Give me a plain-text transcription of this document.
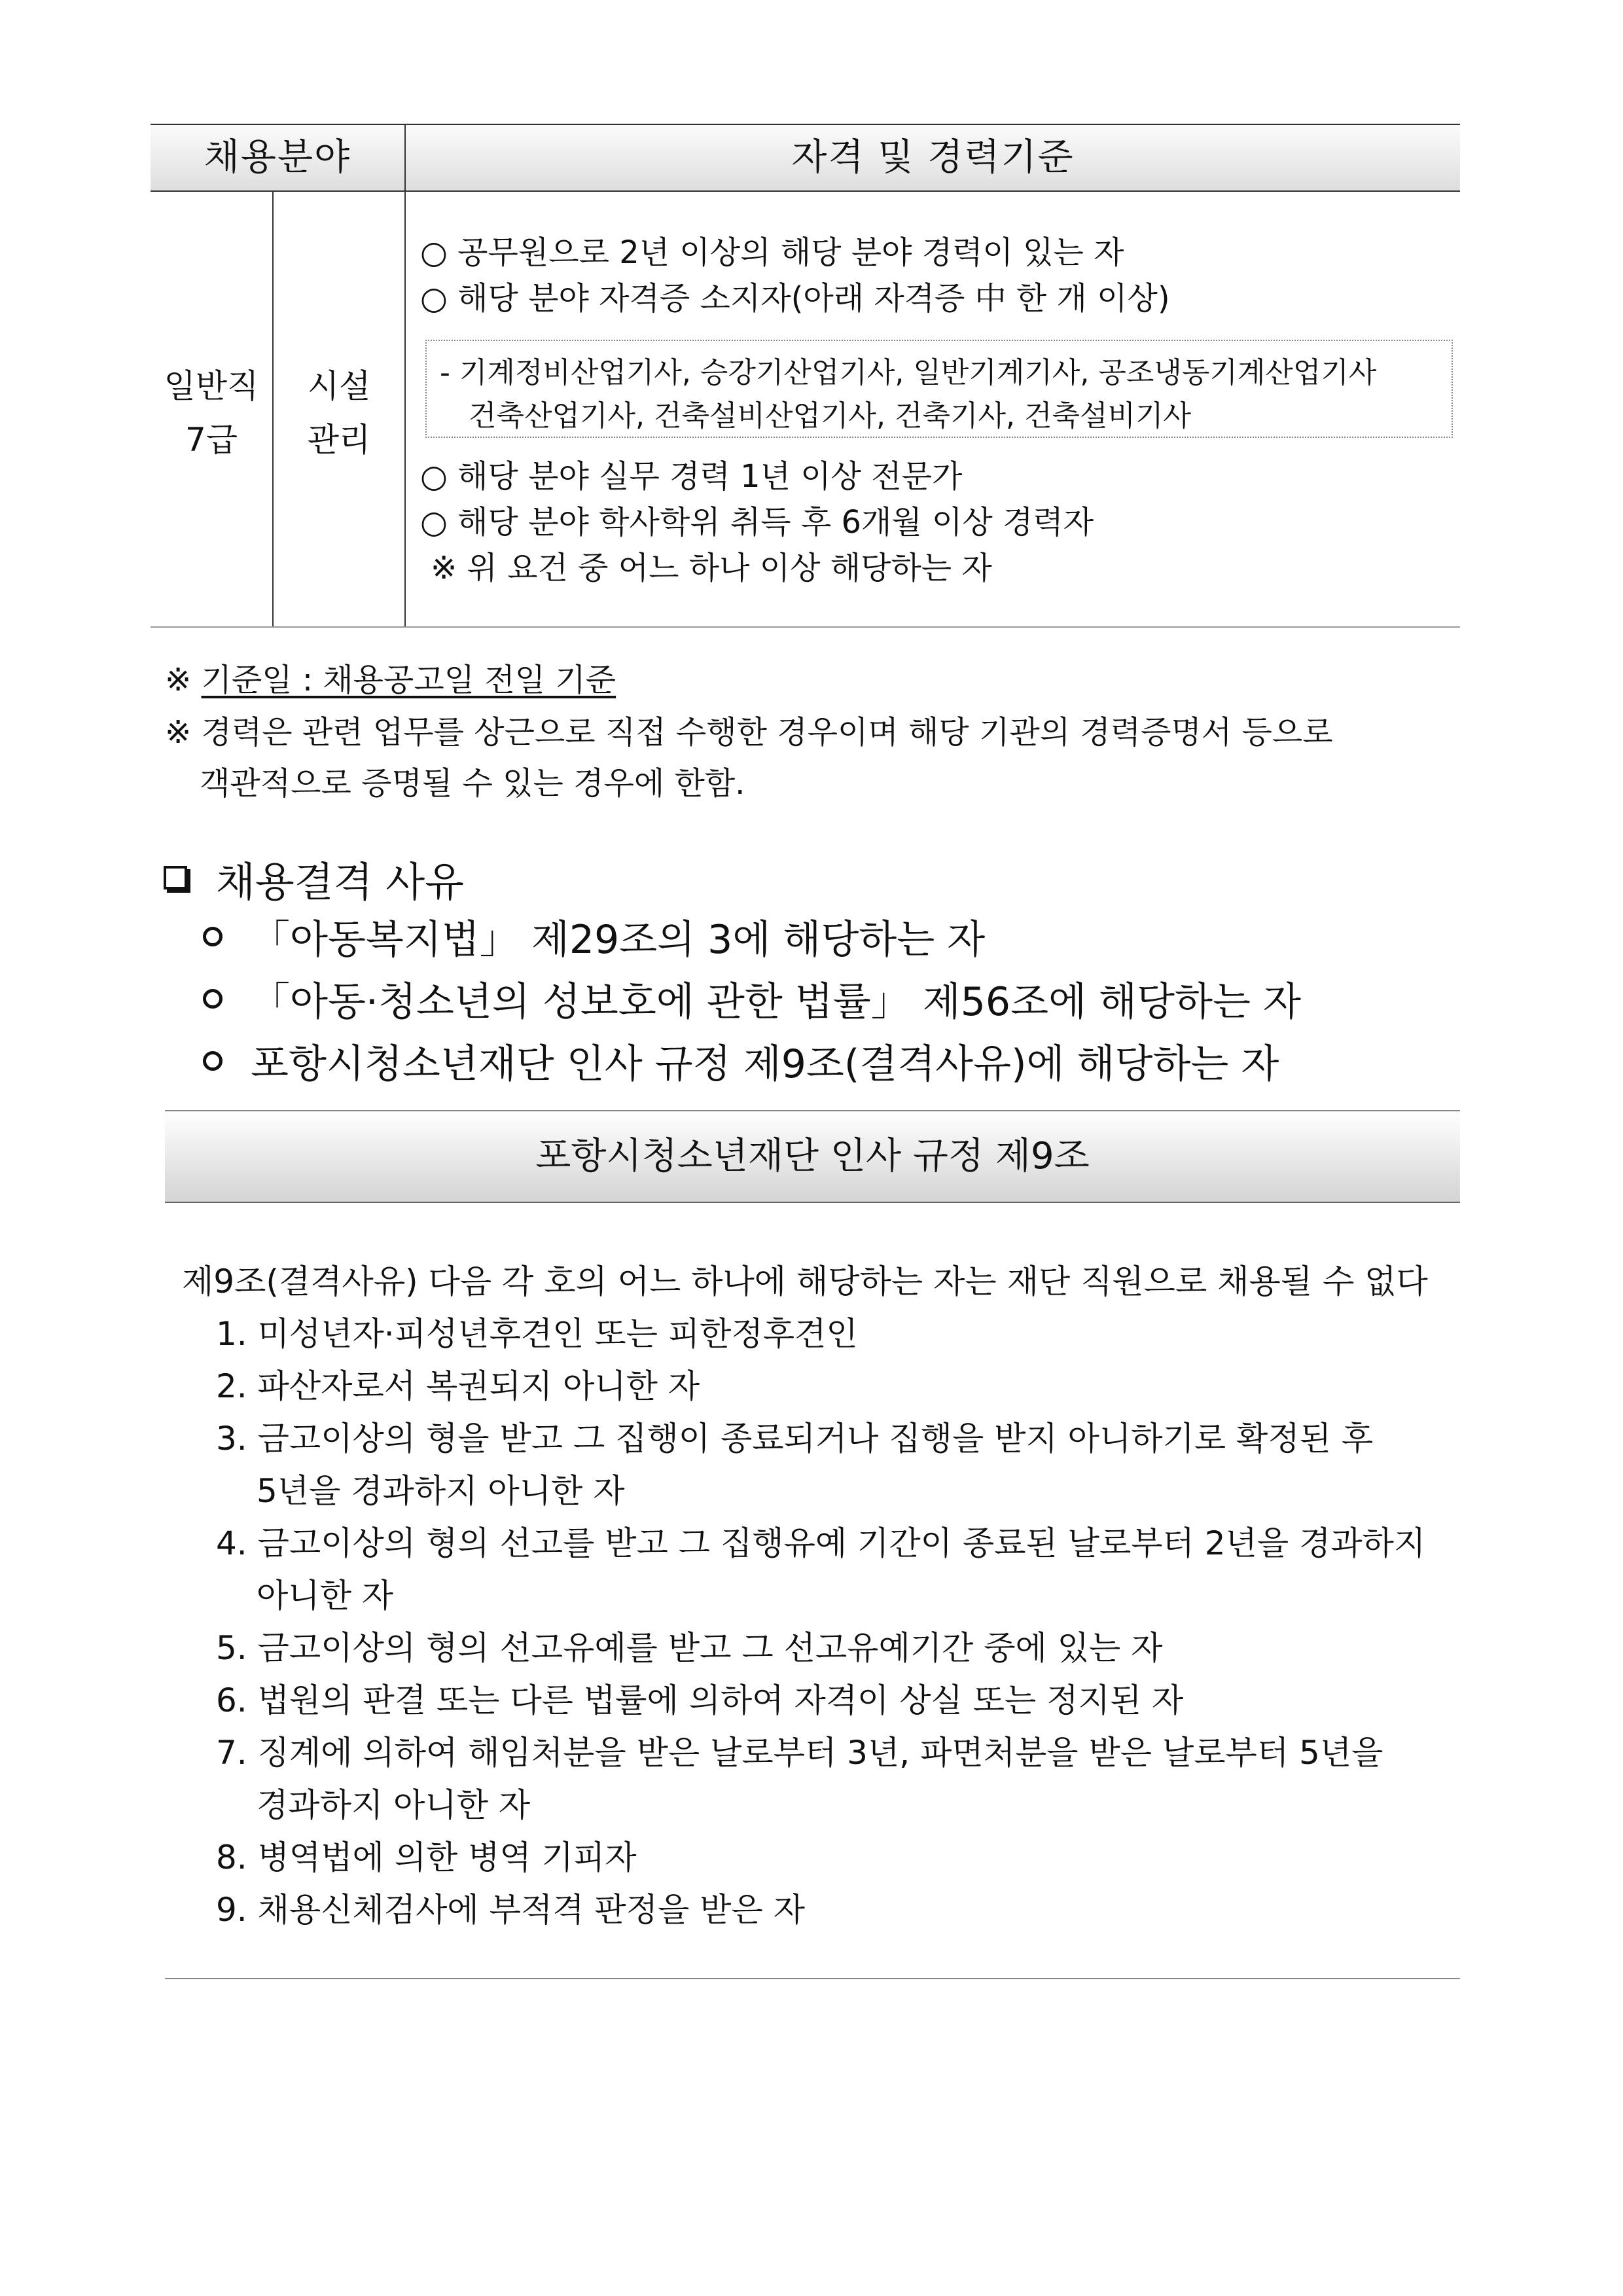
채용분야	자격 및 경력기준
일반직
7급
시설
관리
○ 공무원으로 2년 이상의 해당 분야 경력이 있는 자
○ 해당 분야 자격증 소지자(아래 자격증 中 한 개 이상)
- 기계정비산업기사, 승강기산업기사, 일반기계기사, 공조냉동기계산업기사
건축산업기사, 건축설비산업기사, 건축기사, 건축설비기사
○ 해당 분야 실무 경력 1년 이상 전문가
○ 해당 분야 학사학위 취득 후 6개월 이상 경력자
※ 위 요건 중 어느 하나 이상 해당하는 자
※ 기준일 : 채용공고일 전일 기준
※ 경력은 관련 업무를 상근으로 직접 수행한 경우이며 해당 기관의 경력증명서 등으로
객관적으로 증명될 수 있는 경우에 한함.
채용결격 사유
「아동복지법」 제29조의 3에 해당하는 자
「아동·청소년의 성보호에 관한 법률」 제56조에 해당하는 자
포항시청소년재단 인사 규정 제9조(결격사유)에 해당하는 자
포항시청소년재단 인사 규정 제9조
제9조(결격사유) 다음 각 호의 어느 하나에 해당하는 자는 재단 직원으로 채용될 수 없다
1. 미성년자·피성년후견인 또는 피한정후견인
2. 파산자로서 복권되지 아니한 자
3. 금고이상의 형을 받고 그 집행이 종료되거나 집행을 받지 아니하기로 확정된 후
5년을 경과하지 아니한 자
4. 금고이상의 형의 선고를 받고 그 집행유예 기간이 종료된 날로부터 2년을 경과하지
아니한 자
5. 금고이상의 형의 선고유예를 받고 그 선고유예기간 중에 있는 자
6. 법원의 판결 또는 다른 법률에 의하여 자격이 상실 또는 정지된 자
7. 징계에 의하여 해임처분을 받은 날로부터 3년, 파면처분을 받은 날로부터 5년을
경과하지 아니한 자
8. 병역법에 의한 병역 기피자
9. 채용신체검사에 부적격 판정을 받은 자
